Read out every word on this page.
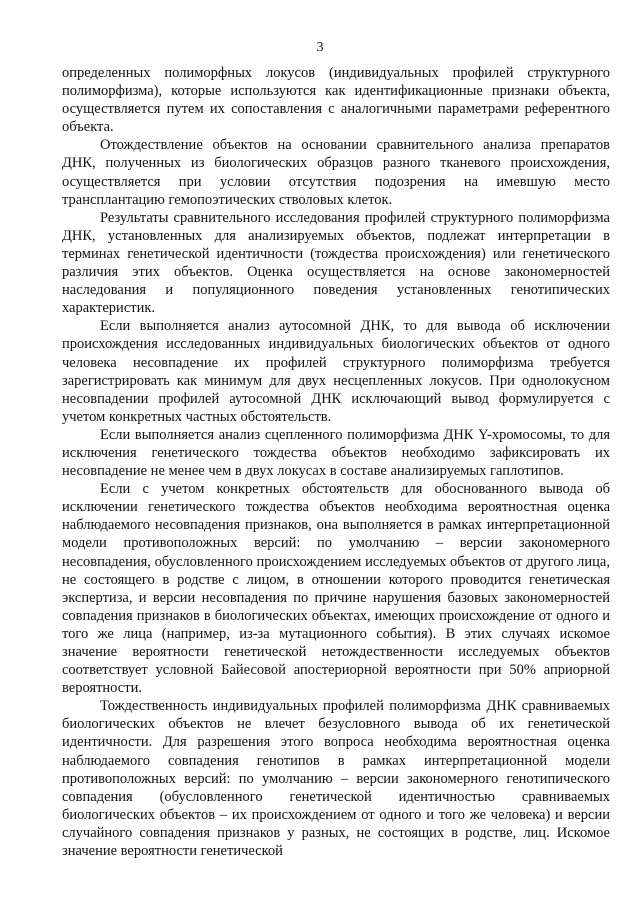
3

определенных полиморфных локусов (индивидуальных профилей структурного полиморфизма), которые используются как идентификационные признаки объекта, осуществляется путем их сопоставления с аналогичными параметрами референтного объекта.

Отождествление объектов на основании сравнительного анализа препаратов ДНК, полученных из биологических образцов разного тканевого происхождения, осуществляется при условии отсутствия подозрения на имевшую место трансплантацию гемопоэтических стволовых клеток.

Результаты сравнительного исследования профилей структурного полиморфизма ДНК, установленных для анализируемых объектов, подлежат интерпретации в терминах генетической идентичности (тождества происхождения) или генетического различия этих объектов. Оценка осуществляется на основе закономерностей наследования и популяционного поведения установленных генотипических характеристик.

Если выполняется анализ аутосомной ДНК, то для вывода об исключении происхождения исследованных индивидуальных биологических объектов от одного человека несовпадение их профилей структурного полиморфизма требуется зарегистрировать как минимум для двух несцепленных локусов. При однолокусном несовпадении профилей аутосомной ДНК исключающий вывод формулируется с учетом конкретных частных обстоятельств.

Если выполняется анализ сцепленного полиморфизма ДНК Y-хромосомы, то для исключения генетического тождества объектов необходимо зафиксировать их несовпадение не менее чем в двух локусах в составе анализируемых гаплотипов.

Если с учетом конкретных обстоятельств для обоснованного вывода об исключении генетического тождества объектов необходима вероятностная оценка наблюдаемого несовпадения признаков, она выполняется в рамках интерпретационной модели противоположных версий: по умолчанию – версии закономерного несовпадения, обусловленного происхождением исследуемых объектов от другого лица, не состоящего в родстве с лицом, в отношении которого проводится генетическая экспертиза, и версии несовпадения по причине нарушения базовых закономерностей совпадения признаков в биологических объектах, имеющих происхождение от одного и того же лица (например, из-за мутационного события). В этих случаях искомое значение вероятности генетической нетождественности исследуемых объектов соответствует условной Байесовой апостериорной вероятности при 50% априорной вероятности.

Тождественность индивидуальных профилей полиморфизма ДНК сравниваемых биологических объектов не влечет безусловного вывода об их генетической идентичности. Для разрешения этого вопроса необходима вероятностная оценка наблюдаемого совпадения генотипов в рамках интерпретационной модели противоположных версий: по умолчанию – версии закономерного генотипического совпадения (обусловленного генетической идентичностью сравниваемых биологических объектов – их происхождением от одного и того же человека) и версии случайного совпадения признаков у разных, не состоящих в родстве, лиц. Искомое значение вероятности генетической
